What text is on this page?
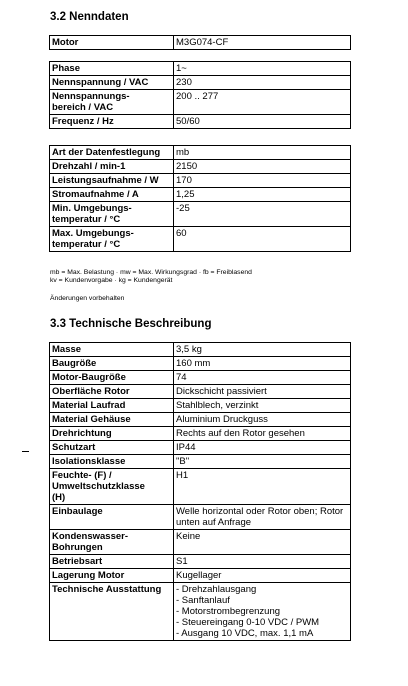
3.2 Nenndaten
Motor	M3G074-CF
Phase	1~
Nennspannung / VAC	230
Nennspannungs-
bereich / VAC	200 .. 277
Frequenz / Hz	50/60
Art der Datenfestlegung	mb
Drehzahl / min-1	2150
Leistungsaufnahme / W	170
Stromaufnahme / A	1,25
Min. Umgebungs-
temperatur / °C	-25
Max. Umgebungs-
temperatur / °C	60
mb = Max. Belastung · mw = Max. Wirkungsgrad · fb = Freiblasend
kv = Kundenvorgabe · kg = Kundengerät
Änderungen vorbehalten
3.3 Technische Beschreibung
Masse	3,5 kg
Baugröße	160 mm
Motor-Baugröße	74
Oberfläche Rotor	Dickschicht passiviert
Material Laufrad	Stahlblech, verzinkt
Material Gehäuse	Aluminium Druckguss
Drehrichtung	Rechts auf den Rotor gesehen
Schutzart	IP44
Isolationsklasse	"B"
Feuchte- (F) /
Umweltschutzklasse
(H)	H1
Einbaulage	Welle horizontal oder Rotor oben; Rotor
unten auf Anfrage
Kondenswasser-
Bohrungen	Keine
Betriebsart	S1
Lagerung Motor	Kugellager
Technische Ausstattung	- Drehzahlausgang
- Sanftanlauf
- Motorstrombegrenzung
- Steuereingang 0-10 VDC / PWM
- Ausgang 10 VDC, max. 1,1 mA
